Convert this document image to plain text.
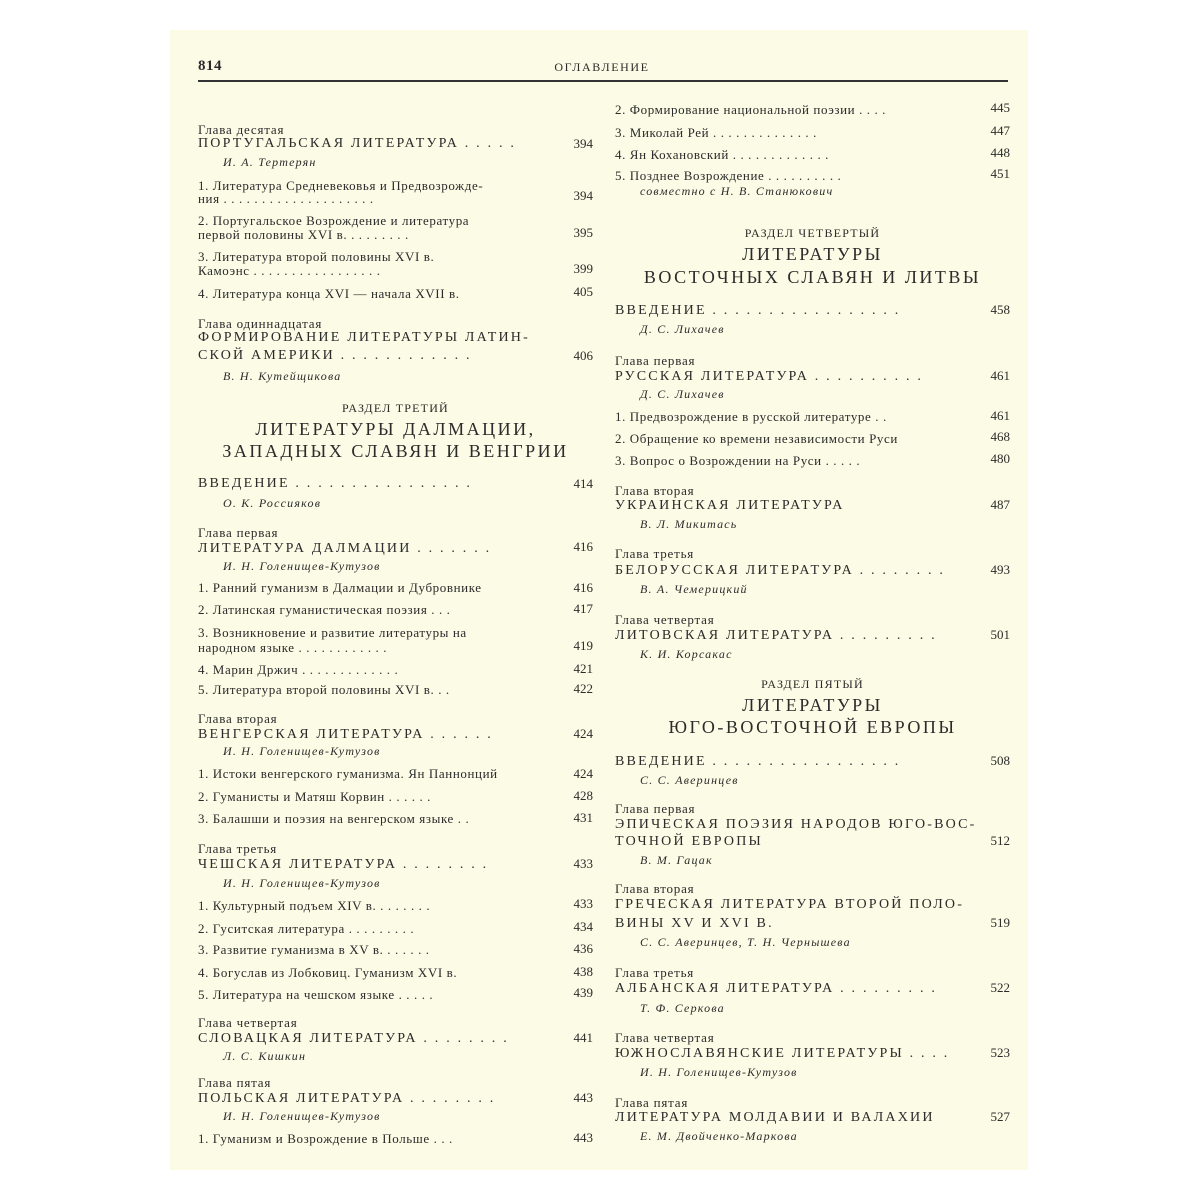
814	ОГЛАВЛЕНИЕ
Глава десятая
ПОРТУГАЛЬСКАЯ ЛИТЕРАТУРА . . . . .	394
И. А. Тертерян
1. Литература Средневековья и Предвозрожде-
ния . . . . . . . . . . . . . . . . . . . .	394
2. Португальское Возрождение и литература
первой половины XVI в. . . . . . . . .	395
3. Литература второй половины XVI в.
Камоэнс . . . . . . . . . . . . . . . . .	399
4. Литература конца XVI — начала XVII в.	405
Глава одиннадцатая
ФОРМИРОВАНИЕ ЛИТЕРАТУРЫ ЛАТИН-
СКОЙ АМЕРИКИ . . . . . . . . . . . .	406
В. Н. Кутейщикова
РАЗДЕЛ ТРЕТИЙ
ЛИТЕРАТУРЫ ДАЛМАЦИИ,
ЗАПАДНЫХ СЛАВЯН И ВЕНГРИИ
ВВЕДЕНИЕ . . . . . . . . . . . . . . . .	414
О. К. Россияков
Глава первая
ЛИТЕРАТУРА ДАЛМАЦИИ . . . . . . .	416
И. Н. Голенищев-Кутузов
1. Ранний гуманизм в Далмации и Дубровнике	416
2. Латинская гуманистическая поэзия . . .	417
3. Возникновение и развитие литературы на
народном языке . . . . . . . . . . . .	419
4. Марин Држич . . . . . . . . . . . . .	421
5. Литература второй половины XVI в. . .	422
Глава вторая
ВЕНГЕРСКАЯ ЛИТЕРАТУРА . . . . . .	424
И. Н. Голенищев-Кутузов
1. Истоки венгерского гуманизма. Ян Паннонций	424
2. Гуманисты и Матяш Корвин . . . . . .	428
3. Балашши и поэзия на венгерском языке . .	431
Глава третья
ЧЕШСКАЯ ЛИТЕРАТУРА . . . . . . . .	433
И. Н. Голенищев-Кутузов
1. Культурный подъем XIV в. . . . . . . .	433
2. Гуситская литература . . . . . . . . .	434
3. Развитие гуманизма в XV в. . . . . . .	436
4. Богуслав из Лобковиц. Гуманизм XVI в.	438
5. Литература на чешском языке . . . . .	439
Глава четвертая
СЛОВАЦКАЯ ЛИТЕРАТУРА . . . . . . . .	441
Л. С. Кишкин
Глава пятая
ПОЛЬСКАЯ ЛИТЕРАТУРА . . . . . . . .	443
И. Н. Голенищев-Кутузов
1. Гуманизм и Возрождение в Польше . . .	443
2. Формирование национальной поэзии . . . .	445
3. Миколай Рей . . . . . . . . . . . . . .	447
4. Ян Кохановский . . . . . . . . . . . . .	448
5. Позднее Возрождение . . . . . . . . . .	451
совместно с Н. В. Станюкович
РАЗДЕЛ ЧЕТВЕРТЫЙ
ЛИТЕРАТУРЫ
ВОСТОЧНЫХ СЛАВЯН И ЛИТВЫ
ВВЕДЕНИЕ . . . . . . . . . . . . . . . . .	458
Д. С. Лихачев
Глава первая
РУССКАЯ ЛИТЕРАТУРА . . . . . . . . . .	461
Д. С. Лихачев
1. Предвозрождение в русской литературе . .	461
2. Обращение ко времени независимости Руси	468
3. Вопрос о Возрождении на Руси . . . . .	480
Глава вторая
УКРАИНСКАЯ ЛИТЕРАТУРА	487
В. Л. Микитась
Глава третья
БЕЛОРУССКАЯ ЛИТЕРАТУРА . . . . . . . .	493
В. А. Чемерицкий
Глава четвертая
ЛИТОВСКАЯ ЛИТЕРАТУРА . . . . . . . . .	501
К. И. Корсакас
РАЗДЕЛ ПЯТЫЙ
ЛИТЕРАТУРЫ
ЮГО-ВОСТОЧНОЙ ЕВРОПЫ
ВВЕДЕНИЕ . . . . . . . . . . . . . . . . .	508
С. С. Аверинцев
Глава первая
ЭПИЧЕСКАЯ ПОЭЗИЯ НАРОДОВ ЮГО-ВОС-
ТОЧНОЙ ЕВРОПЫ	512
В. М. Гацак
Глава вторая
ГРЕЧЕСКАЯ ЛИТЕРАТУРА ВТОРОЙ ПОЛО-
ВИНЫ XV И XVI В.	519
С. С. Аверинцев, Т. Н. Чернышева
Глава третья
АЛБАНСКАЯ ЛИТЕРАТУРА . . . . . . . . .	522
Т. Ф. Серкова
Глава четвертая
ЮЖНОСЛАВЯНСКИЕ ЛИТЕРАТУРЫ . . . .	523
И. Н. Голенищев-Кутузов
Глава пятая
ЛИТЕРАТУРА МОЛДАВИИ И ВАЛАХИИ	527
Е. М. Двойченко-Маркова
